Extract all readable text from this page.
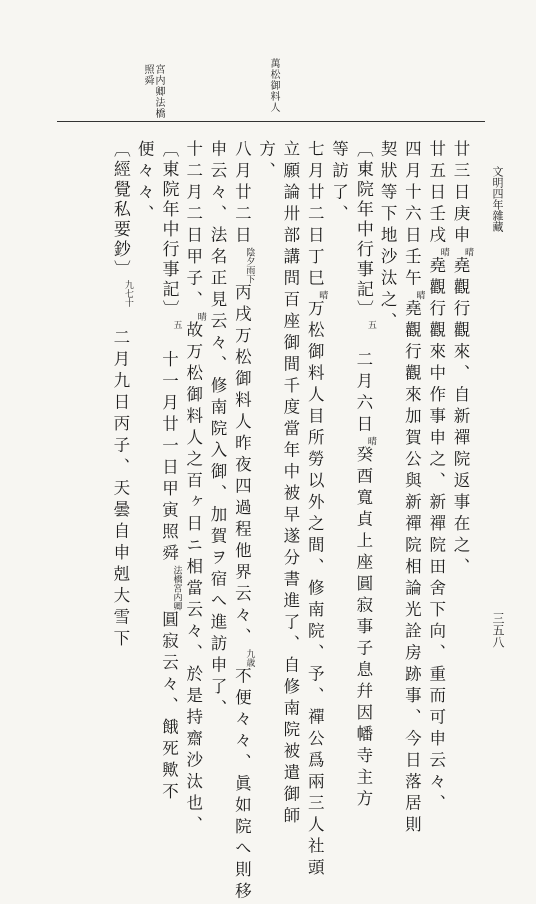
文明四年雜藏
三五八
萬松御料人
宮内卿法橋照舜
廿三日庚申$^晴$堯觀行觀來、自新禪院返事在之、
廿五日壬戌$^晴$堯觀行觀來中作事申之、新禪院田舍下向、重而可申云々、
四月十六日壬午$^晴$堯觀行觀來加賀公與新禪院相論光詮房跡事、今日落居則
契狀等下地沙汰之、
〔東院年中行事記〕$^五$　二月六日$^晴$癸酉寬貞上座圓寂事子息幷因幡寺主方
等訪了、
七月廿二日丁巳$^晴$万松御料人目所勞以外之間、修南院、予、禪公爲兩三人社頭
立願論卅部講問百座御間千度當年中被早遂分書進了、自修南院被遣御師
方、
八月廿二日$^{陰夕雨下}$丙戌万松御料人昨夜四過程他界云々、$^{九歳}$不便々々、眞如院へ則移
申云々、法名正見云々、修南院入御、加賀ヲ宿へ進訪申了、
十二月二日甲子、$^晴$故万松御料人之百ヶ日ニ相當云々、於是持齋沙汰也、
〔東院年中行事記〕$^五$　十一月廿一日甲寅照舜$^{法橋宮内卿}$圓寂云々、餓死歟不
便々々、
〔經覺私要鈔〕$^{九七十}$　二月九日丙子、天曇自申剋大雪下
